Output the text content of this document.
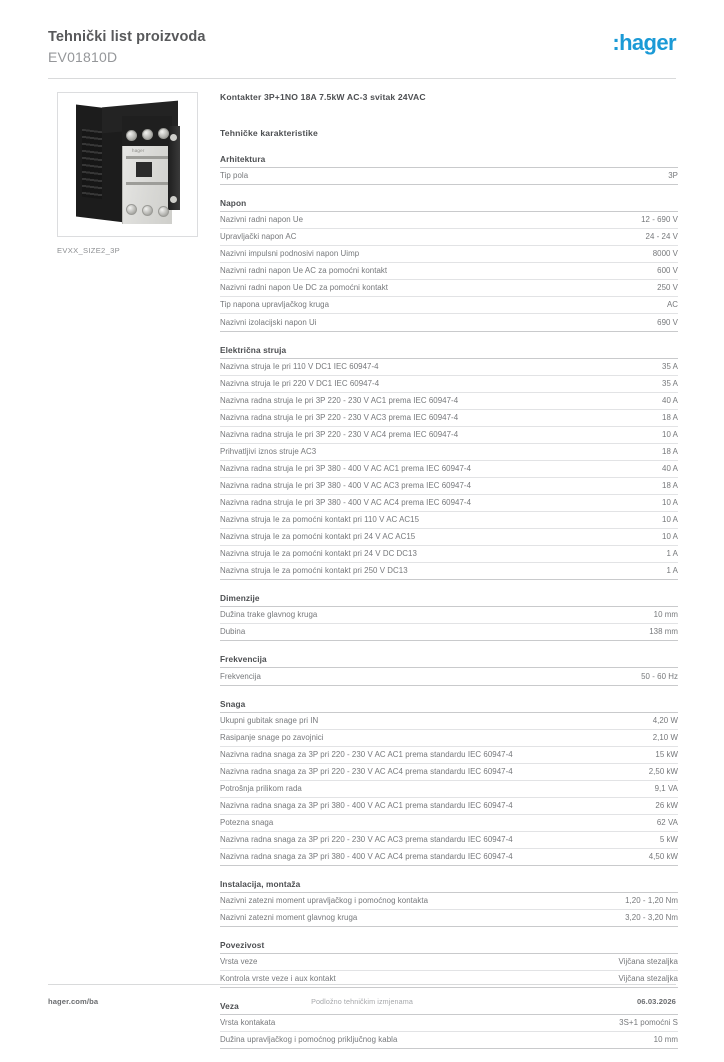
Tehnički list proizvoda
EV01810D
:hager
hager
EVXX_SIZE2_3P
Kontakter 3P+1NO 18A 7.5kW AC-3 svitak 24VAC
Tehničke karakteristike
Arhitektura
Tip pola	3P
Napon
Nazivni radni napon Ue	12 - 690 V
Upravljački napon AC	24 - 24 V
Nazivni impulsni podnosivi napon Uimp	8000 V
Nazivni radni napon Ue AC za pomoćni kontakt	600 V
Nazivni radni napon Ue DC za pomoćni kontakt	250 V
Tip napona upravljačkog kruga	AC
Nazivni izolacijski napon Ui	690 V
Električna struja
Nazivna struja Ie pri 110 V DC1 IEC 60947-4	35 A
Nazivna struja Ie pri 220 V DC1 IEC 60947-4	35 A
Nazivna radna struja Ie pri 3P 220 - 230 V AC1 prema IEC 60947-4	40 A
Nazivna radna struja Ie pri 3P 220 - 230 V AC3 prema IEC 60947-4	18 A
Nazivna radna struja Ie pri 3P 220 - 230 V AC4 prema IEC 60947-4	10 A
Prihvatljivi iznos struje AC3	18 A
Nazivna radna struja Ie pri 3P 380 - 400 V AC AC1 prema IEC 60947-4	40 A
Nazivna radna struja Ie pri 3P 380 - 400 V AC AC3 prema IEC 60947-4	18 A
Nazivna radna struja Ie pri 3P 380 - 400 V AC AC4 prema IEC 60947-4	10 A
Nazivna struja Ie za pomoćni kontakt pri 110 V AC AC15	10 A
Nazivna struja Ie za pomoćni kontakt pri 24 V AC AC15	10 A
Nazivna struja Ie za pomoćni kontakt pri 24 V DC DC13	1 A
Nazivna struja Ie za pomoćni kontakt pri 250 V DC13	1 A
Dimenzije
Dužina trake glavnog kruga	10 mm
Dubina	138 mm
Frekvencija
Frekvencija	50 - 60 Hz
Snaga
Ukupni gubitak snage pri IN	4,20 W
Rasipanje snage po zavojnici	2,10 W
Nazivna radna snaga za 3P pri 220 - 230 V AC AC1 prema standardu IEC 60947-4	15 kW
Nazivna radna snaga za 3P pri 220 - 230 V AC AC4 prema standardu IEC 60947-4	2,50 kW
Potrošnja prilikom rada	9,1 VA
Nazivna radna snaga za 3P pri 380 - 400 V AC AC1 prema standardu IEC 60947-4	26 kW
Potezna snaga	62 VA
Nazivna radna snaga za 3P pri 220 - 230 V AC AC3 prema standardu IEC 60947-4	5 kW
Nazivna radna snaga za 3P pri 380 - 400 V AC AC4 prema standardu IEC 60947-4	4,50 kW
Instalacija, montaža
Nazivni zatezni moment upravljačkog i pomoćnog kontakta	1,20 - 1,20 Nm
Nazivni zatezni moment glavnog kruga	3,20 - 3,20 Nm
Povezivost
Vrsta veze	Vijčana stezaljka
Kontrola vrste veze i aux kontakt	Vijčana stezaljka
Veza
Vrsta kontakata	3S+1 pomoćni S
Dužina upravljačkog i pomoćnog priključnog kabla	10 mm
hager.com/ba	Podložno tehničkim izmjenama	06.03.2026
